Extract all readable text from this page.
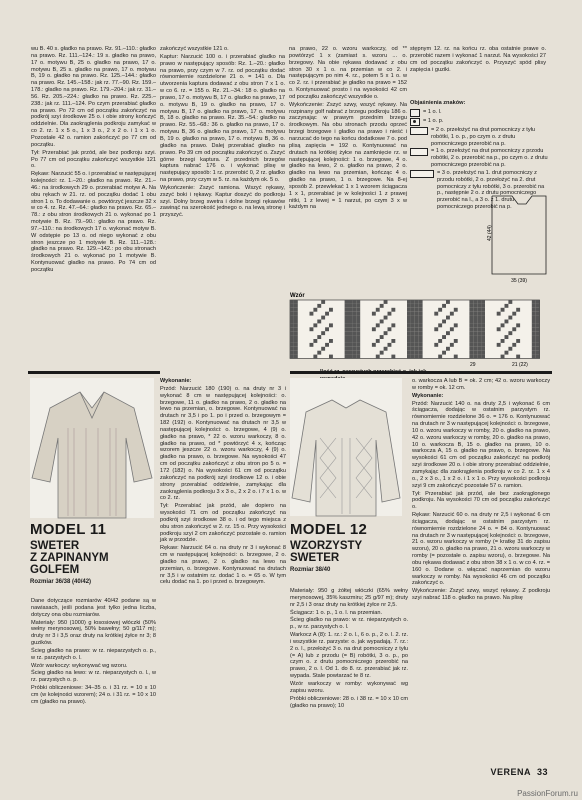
wu B. 40 s. gładko na prawo. Rz. 91.–110.: gładko na prawo. Rz. 111.–124.: 19 s. gładko na prawo, 17 o. motywu B, 25 o. gładko na prawo, 17 o. motywu B, 25 s. gładko na prawo, 17 o. motywu B, 19 o. gładko na prawo. Rz. 125.–144.: gładko na prawo. Rz. 145.–158.: jak rz. 77.–90. Rz. 159.–178.: gładko na prawo. Rz. 179.–204.: jak rz. 31.–56. Rz. 205.–224.: gładko na prawo. Rz. 225.–238.: jak rz. 111.–124. Po czym przerabiać gładko na prawo. Po 72 cm od początku zakończyć na podkrój szyi środkowe 25 o. i obie strony kończyć oddzielnie. Dla zaokrąglenia podkroju zamykać w co 2. rz. 1 x 5 o., 1 x 3 o., 2 x 2 o. i 1 x 1 o. Pozostałe 42 o. ramion zakończyć po 77 cm od początku.

Tył: Przerabiać jak przód, ale bez podkroju szyi. Po 77 cm od początku zakończyć wszystkie 121 o.

Rękaw: Narzucić 55 o. i przerabiać w następującej kolejności: rz. 1.–20.: gładko na prawo. Rz. 21.–46.: na środkowych 29 o. przerabiać motyw A. Na obu rękach w 21. rz. od początku dodać 1 obu stron 1 o. To dodawanie o. powtórzyć jeszcze 32 x w co 4. rz. Rz. 47.–64.: gładko na prawo. Rz. 65.–78.: z obu stron środkowych 21 o. wykonać po 1 motywie B. Rz. 79.–90.: gładko na prawo. Rz. 97.–110.: na środkowych 17 o. wykonać motyw B. W odstępie po 13 o. od niego wykonać z obu stron jeszcze po 1 motywie B. Rz. 111.–128.: gładko na prawo. Rz. 129.–142.: po obu stronach środkowych 21 o. wykonać po 1 motywie B. Kontynuować gładko na prawo. Po 74 cm od początku

zakończyć wszystkie 121 o.

Kaptur: Narzucić 100 o. i przerabiać gładko na prawo w następujący sposób: Rz. 1.–20.: gładko na prawo, przy czym w 7. rz. od początku dodać równomiernie rozdzielone 21 o. = 141 o. Dla utworzenia kaptura dodawać z obu stron 7 x 1 o. w co 6. rz. = 155 o. Rz. 21.–34.: 18 o. gładko na prawo, 17 o. motywu B, 17 o. gładko na prawo, 17 o. motywu B, 19 o. gładko na prawo, 17 o. motywu B, 17 o. gładko na prawo, 17 o. motywu B, 18 o. gładko na prawo. Rz. 35.–54.: gładko na prawo. Rz. 55.–68.: 36 o. gładko na prawo, 17 o. motywu B, 36 o. gładko na prawo, 17 o. motywu B, 19 o. gładko na prawo, 17 o. motywu B, 36 o. gładko na prawo. Dalej przerabiać gładko na prawo. Po 39 cm od początku zakończyć o. Zszyć górne brzegi kaptura. Z przednich brzegów kaptura nabrać 176 o. i wykonać plisę w następujący sposób: 1 rz. przerobić 0, 2 rz. gładko na prawo, przy czym w 5. rz. na każdym ok. 5 o.

Wykończenie: Zszyć ramiona. Wszyć rękawy, zszyć boki i rękawy. Kaptur doszyć do podkroju szyi. Dolny brzeg swetra i dolne brzegi rękawów zawinąć na szerokość jednego o. na lewą stronę i przyszyć.

na prawo, 22 o. wzoru warkoczy, od ** powtórzyć 1 x (zamiast s. wzoru ... o. brzegowy. Na obie rękawa dodawać z obu stron 30 x 1 o. na przemian w co 2. i następującym po nim 4. rz., potem 5 x 1 o. w co 2. rz. i przerabiać je gładko na prawo = 152 o. Kontynuować prosto i na wysokości 42 cm od początku zakończyć wszystkie o.

Wykończenie: Zszyć szwy, wszyć rękawy. Na rozpinany golf nabrać z brzegu podkroju 186 o. zaczynając w prawym przednim brzegu środkowym. Na obu stronach przodu oprzeć brzegi brzegowe i gładko na prawo i nieść i narzucać do tego na końcu dodatkowe 7 o. pod plisą zapięcia = 192 o. Kontynuować na drutach na krótkiej żyłce na zamknięcie rz. w następującej kolejności: 1 o. brzegowe, 4 o. gładko na lewo, 2 o. gładko na prawo, 2 o. gładko na lewo na przemian, kończąc 4 o. gładko na prawo, 1 o. brzegowe. Na 8-ej sposób 2. przewlekać 1 x 1 wzorem ściągacza 1 x 1, przerabiać je w kolejności 1 z prawej nitki, 1 z lewej = 1 narzut, po czym 3 x w każdym na

stępnym 12. rz. na końcu rz. oba ostatnie prawe o. przerobić razem i wykonać 1 narzut. Na wysokości 27 cm od początku zakończyć o. Przyszyć spód plisy zapięcia i guziki.

Objaśnienia znaków:
= 1 o. l.
= 1 o. p.
= 2 o. przełożyć na drut pomocniczy z tyłu robótki, 1 o. p., po czym o. z drutu pomocniczego przerobić na p.
= 1 o. przełożyć na drut pomocniczy z przodu robótki, 2 o. przerobić na p., po czym o. z drutu pomocniczego przerobić na p.
= 3 o. przełożyć na 1. drut pomocniczy z przodu robótki, 2 o. przełożyć na 2. drut pomocniczy z tyłu robótki, 3 o. przerobić na p., następnie 2 o. z drutu pomocniczego przerobić na l., a 3 o. z 1. drutu pomocniczego przerobić na p.
35 (39)
42 (44)
Wzór
29	21 (22)
MODEL 11
SWETER
Z ZAPINANYM
GOLFEM
Rozmiar 36/38 (40/42)

Dane dotyczące rozmiarów 40/42 podane są w nawiasach, jeśli podana jest tylko jedna liczba, dotyczy ona obu rozmiarów.

Materiały: 950 (1000) g łososiowej włóczki (50% wełny merynosowej, 50% bawełny; 50 g/117 m); druty nr 3 i 3,5 oraz druty na krótkiej żyłce nr 3; 8 guzików.

Ścieg gładko na prawo: w rz. nieparzystych o. p., w rz. parzystych o. l.

Wzór warkoczy: wykonywać wg wzoru.

Ścieg gładko na lewo: w rz. nieparzystych o. l., w rz. parzystych o. p.

Próbki obliczeniowe: 34–35 o. i 31 rz. = 10 x 10 cm (w kolejności wzorem); 24 o. i 31 rz. = 10 x 10 cm (gładko na prawo).

Wykonanie:

Przód: Narzucić 180 (190) o. na druty nr 3 i wykonać 8 cm w następującej kolejności: o. brzegowe, 11 o. gładko na prawo, 2 o. gładko na lewo na przemian, o. brzegowe. Kontynuować na drutach nr 3,5 i po 1. po i przed o. brzegowym = 182 (192) o. Kontynuować na drutach nr 3,5 w następującej kolejności: o. brzegowe, 4 (9) o. gładko na prawo, * 22 o. wzoru warkoczy, 8 o. gładko na prawo, od * powtórzyć 4 x, kończąc wzorem jeszcze 22 o. wzoru warkoczy, 4 (9) o. gładko na prawo, o. brzegowe. Na wysokości 47 cm od początku zakończyć z obu stron po 5 o. = 172 (182) o. Na wysokości 61 cm od początku zakończyć na podkrój szyi środkowe 12 o. i obie strony przerabiać oddzielnie, zamykając dla zaokrąglenia podkroju 3 x 3 o., 2 x 2 o. i 7 x 1 o. w co 2. rz.

Tył: Przerabiać jak przód, ale dopiero na wysokości 71 cm od początku zakończyć na podkrój szyi środkowe 38 o. i od tego miejsca z obu stron zakończyć w 2. rz. 15 o. Przy wysokości podkroju szyi 2 cm zakończyć pozostałe o. ramion jak w przodzie.

Rękaw: Narzucić 64 o. na druty nr 3 i wykonać 8 cm w następującej kolejności: o. brzegowe, 2 o. gładko na prawo, 2 o. gładko na lewo na przemian, o. brzegowe. Kontynuować na drutach nr 3,5 i w ostatnim rz. dodać 1 o. = 65 o. W tym celu dodać na 1. po i przed o. brzegowym.

MODEL 12
WZORZYSTY
SWETER
Rozmiar 38/40

Materiały: 950 g żółtej włóczki (65% wełny merynosowej, 35% kaszmiru; 25 g/97 m); druty nr 2,5 i 3 oraz druty na krótkiej żyłce nr 2,5.

Ściągacz: 1 o. p., 1 o. l. na przemian.

Ścieg gładko na prawo: w rz. nieparzystych o. p., w rz. parzystych o. l.

Warkocz A (8): 1. rz.: 2 o. l., 6 o. p., 2 o. l. 2. rz. i wszystkie rz. parzyste: o. jak wypadają. 7. rz.: 2 o. l., przełożyć 3 o. na drut pomocniczy z tyłu (= A) lub z przodu (= B) robótki, 3 o. p., po czym o. z drutu pomocniczego przerobić na prawo, 2 o. l. Od 1. do 8. rz. przerabiać jak rz. wypada. Stale powtarzać te 8 rz.

Wzór warkoczy w romby: wykonywać wg zapisu wzoru.

Próbki obliczeniowe: 28 o. i 38 rz. = 10 x 10 cm (gładko na prawo); 10

o. warkocza A lub B = ok. 2 cm; 42 o. wzoru warkoczy w romby = ok. 12 cm.

Wykonanie:

Przód: Narzucić 140 o. na druty 2,5 i wykonać 6 cm ściągacza, dodając w ostatnim parzystym rz. równomiernie rozdzielone 36 o. = 176 o. Kontynuować na drutach nr 3 w następującej kolejności: o. brzegowe, 10 o. wzoru warkoczy w romby, 20 o. gładko na prawo, 42 o. wzoru warkoczy w romby, 20 o. gładko na prawo, 10 o. warkocza B, 15 o. gładko na prawo, 10 o. warkocza A, 15 o. gładko na prawo, o. brzegowe. Na wysokości 61 cm od początku zakończyć na podkrój szyi środkowe 20 o. i obie strony przerabiać oddzielnie, zamykając dla zaokrąglenia podkroju w co 2. rz. 1 x 4 o., 2 x 3 o., 1 x 2 o. i 1 x 1 o. Przy wysokości podkroju szyi 9 cm zakończyć pozostałe 57 o. ramion.

Tył: Przerabiać jak przód, ale bez zaokrąglonego podkroju. Na wysokości 70 cm od początku zakończyć o.

Rękaw: Narzucić 60 o. na druty nr 2,5 i wykonać 6 cm ściągacza, dodając w ostatnim parzystym rz. równomiernie rozdzielone 24 o. = 84 o. Kontynuować na drutach nr 3 w następującej kolejności: o. brzegowe, 21 o. wzoru warkoczy w romby (= kratkę 31 do zapisu wzoru), 20 o. gładko na prawo, 21 o. wzoru warkoczy w romby (= pozostałe o. zapisu wzoru), o. brzegowe. Na obu rękawa dodawać z obu stron 38 x 1 o. w co 4. rz. = 160 o. Dodane o. włączać naprzemian do wzoru warkoczy w romby. Na wysokości 46 cm od początku zakończyć o.

Wykończenie: Zszyć szwy, wszyć rękawy. Z podkroju szyi nabrać 118 o. gładko na prawo. Na plisę

VERENA 33
PassionForum.ru
